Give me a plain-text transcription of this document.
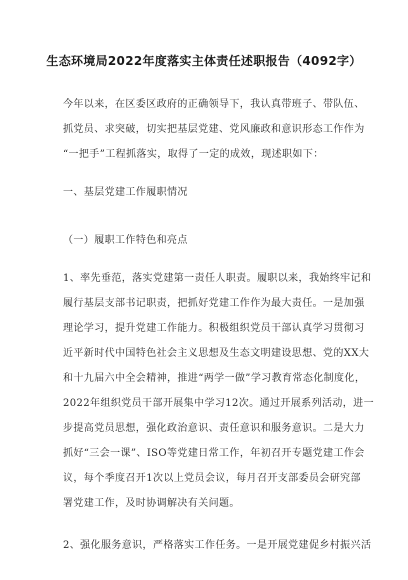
生态环境局2022年度落实主体责任述职报告（4092字）
今年以来，在区委区政府的正确领导下，我认真带班子、带队伍、
抓党员、求突破，切实把基层党建、党风廉政和意识形态工作作为
“一把手”工程抓落实，取得了一定的成效，现述职如下：
一、基层党建工作履职情况
（一）履职工作特色和亮点
1、率先垂范，落实党建第一责任人职责。履职以来，我始终牢记和
履行基层支部书记职责，把抓好党建工作作为最大责任。一是加强
理论学习，提升党建工作能力。积极组织党员干部认真学习贯彻习
近平新时代中国特色社会主义思想及生态文明建设思想、党的XX大
和十九届六中全会精神，推进“两学一做”学习教育常态化制度化，
2022年组织党员干部开展集中学习12次。通过开展系列活动，进一
步提高党员思想，强化政治意识、责任意识和服务意识。二是大力
抓好“三会一课”、ISO等党建日常工作，年初召开专题党建工作会
议，每个季度召开1次以上党员会议，每月召开支部委员会研究部
署党建工作，及时协调解决有关问题。
2、强化服务意识，严格落实工作任务。一是开展党建促乡村振兴活
